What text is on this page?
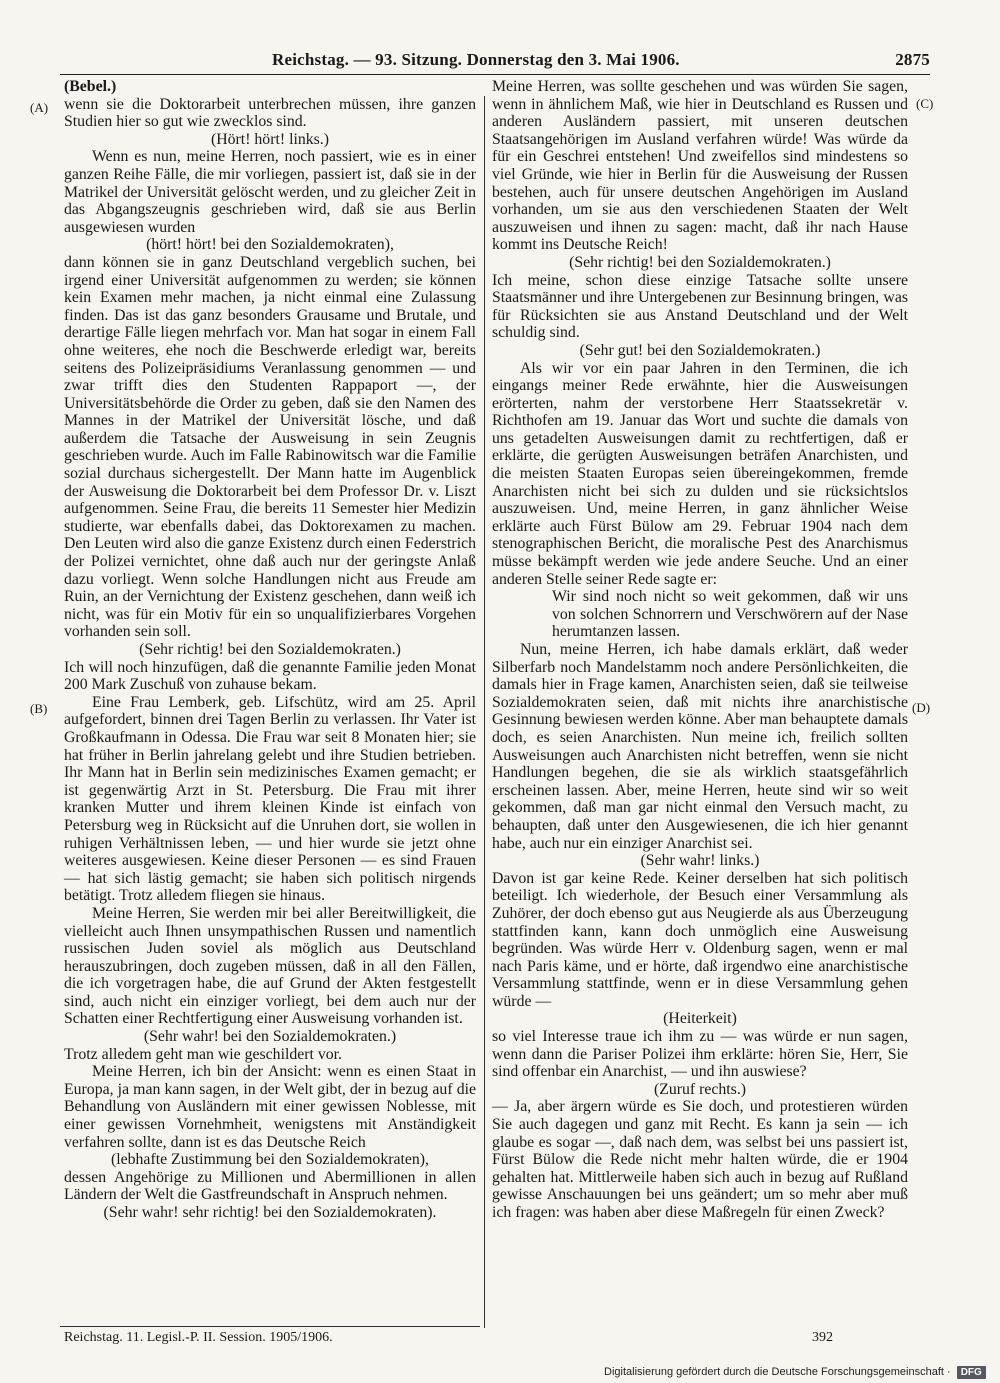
Reichstag. — 93. Sitzung. Donnerstag den 3. Mai 1906.	2875
(A)
(B)
(C)
(D)

(Bebel.)

wenn sie die Doktorarbeit unterbrechen müssen, ihre ganzen Studien hier so gut wie zwecklos sind.

(Hört! hört! links.)

Wenn es nun, meine Herren, noch passiert, wie es in einer ganzen Reihe Fälle, die mir vorliegen, passiert ist, daß sie in der Matrikel der Universität gelöscht werden, und zu gleicher Zeit in das Abgangszeugnis geschrieben wird, daß sie aus Berlin ausgewiesen wurden

(hört! hört! bei den Sozialdemokraten),

dann können sie in ganz Deutschland vergeblich suchen, bei irgend einer Universität aufgenommen zu werden; sie können kein Examen mehr machen, ja nicht einmal eine Zulassung finden. Das ist das ganz besonders Grausame und Brutale, und derartige Fälle liegen mehrfach vor. Man hat sogar in einem Fall ohne weiteres, ehe noch die Beschwerde erledigt war, bereits seitens des Polizeipräsidiums Veranlassung genommen — und zwar trifft dies den Studenten Rappaport —, der Universitätsbehörde die Order zu geben, daß sie den Namen des Mannes in der Matrikel der Universität lösche, und daß außerdem die Tatsache der Ausweisung in sein Zeugnis geschrieben wurde. Auch im Falle Rabinowitsch war die Familie sozial durchaus sichergestellt. Der Mann hatte im Augenblick der Ausweisung die Doktorarbeit bei dem Professor Dr. v. Liszt aufgenommen. Seine Frau, die bereits 11 Semester hier Medizin studierte, war ebenfalls dabei, das Doktorexamen zu machen. Den Leuten wird also die ganze Existenz durch einen Federstrich der Polizei vernichtet, ohne daß auch nur der geringste Anlaß dazu vorliegt. Wenn solche Handlungen nicht aus Freude am Ruin, an der Vernichtung der Existenz geschehen, dann weiß ich nicht, was für ein Motiv für ein so unqualifizierbares Vorgehen vorhanden sein soll.

(Sehr richtig! bei den Sozialdemokraten.)

Ich will noch hinzufügen, daß die genannte Familie jeden Monat 200 Mark Zuschuß von zuhause bekam.

Eine Frau Lemberk, geb. Lifschütz, wird am 25. April aufgefordert, binnen drei Tagen Berlin zu verlassen. Ihr Vater ist Großkaufmann in Odessa. Die Frau war seit 8 Monaten hier; sie hat früher in Berlin jahrelang gelebt und ihre Studien betrieben. Ihr Mann hat in Berlin sein medizinisches Examen gemacht; er ist gegenwärtig Arzt in St. Petersburg. Die Frau mit ihrer kranken Mutter und ihrem kleinen Kinde ist einfach von Petersburg weg in Rücksicht auf die Unruhen dort, sie wollen in ruhigen Verhältnissen leben, — und hier wurde sie jetzt ohne weiteres ausgewiesen. Keine dieser Personen — es sind Frauen — hat sich lästig gemacht; sie haben sich politisch nirgends betätigt. Trotz alledem fliegen sie hinaus.

Meine Herren, Sie werden mir bei aller Bereitwilligkeit, die vielleicht auch Ihnen unsympathischen Russen und namentlich russischen Juden soviel als möglich aus Deutschland herauszubringen, doch zugeben müssen, daß in all den Fällen, die ich vorgetragen habe, die auf Grund der Akten festgestellt sind, auch nicht ein einziger vorliegt, bei dem auch nur der Schatten einer Rechtfertigung einer Ausweisung vorhanden ist.

(Sehr wahr! bei den Sozialdemokraten.)

Trotz alledem geht man wie geschildert vor.

Meine Herren, ich bin der Ansicht: wenn es einen Staat in Europa, ja man kann sagen, in der Welt gibt, der in bezug auf die Behandlung von Ausländern mit einer gewissen Noblesse, mit einer gewissen Vornehmheit, wenigstens mit Anständigkeit verfahren sollte, dann ist es das Deutsche Reich

(lebhafte Zustimmung bei den Sozialdemokraten),

dessen Angehörige zu Millionen und Abermillionen in allen Ländern der Welt die Gastfreundschaft in Anspruch nehmen.

(Sehr wahr! sehr richtig! bei den Sozialdemokraten).

Meine Herren, was sollte geschehen und was würden Sie sagen, wenn in ähnlichem Maß, wie hier in Deutschland es Russen und anderen Ausländern passiert, mit unseren deutschen Staatsangehörigen im Ausland verfahren würde! Was würde da für ein Geschrei entstehen! Und zweifellos sind mindestens so viel Gründe, wie hier in Berlin für die Ausweisung der Russen bestehen, auch für unsere deutschen Angehörigen im Ausland vorhanden, um sie aus den verschiedenen Staaten der Welt auszuweisen und ihnen zu sagen: macht, daß ihr nach Hause kommt ins Deutsche Reich!

(Sehr richtig! bei den Sozialdemokraten.)

Ich meine, schon diese einzige Tatsache sollte unsere Staatsmänner und ihre Untergebenen zur Besinnung bringen, was für Rücksichten sie aus Anstand Deutschland und der Welt schuldig sind.

(Sehr gut! bei den Sozialdemokraten.)

Als wir vor ein paar Jahren in den Terminen, die ich eingangs meiner Rede erwähnte, hier die Ausweisungen erörterten, nahm der verstorbene Herr Staatssekretär v. Richthofen am 19. Januar das Wort und suchte die damals von uns getadelten Ausweisungen damit zu rechtfertigen, daß er erklärte, die gerügten Ausweisungen beträfen Anarchisten, und die meisten Staaten Europas seien übereingekommen, fremde Anarchisten nicht bei sich zu dulden und sie rücksichtslos auszuweisen. Und, meine Herren, in ganz ähnlicher Weise erklärte auch Fürst Bülow am 29. Februar 1904 nach dem stenographischen Bericht, die moralische Pest des Anarchismus müsse bekämpft werden wie jede andere Seuche. Und an einer anderen Stelle seiner Rede sagte er:

Wir sind noch nicht so weit gekommen, daß wir uns von solchen Schnorrern und Verschwörern auf der Nase herumtanzen lassen.

Nun, meine Herren, ich habe damals erklärt, daß weder Silberfarb noch Mandelstamm noch andere Persönlichkeiten, die damals hier in Frage kamen, Anarchisten seien, daß sie teilweise Sozialdemokraten seien, daß mit nichts ihre anarchistische Gesinnung bewiesen werden könne. Aber man behauptete damals doch, es seien Anarchisten. Nun meine ich, freilich sollten Ausweisungen auch Anarchisten nicht betreffen, wenn sie nicht Handlungen begehen, die sie als wirklich staatsgefährlich erscheinen lassen. Aber, meine Herren, heute sind wir so weit gekommen, daß man gar nicht einmal den Versuch macht, zu behaupten, daß unter den Ausgewiesenen, die ich hier genannt habe, auch nur ein einziger Anarchist sei.

(Sehr wahr! links.)

Davon ist gar keine Rede. Keiner derselben hat sich politisch beteiligt. Ich wiederhole, der Besuch einer Versammlung als Zuhörer, der doch ebenso gut aus Neugierde als aus Überzeugung stattfinden kann, kann doch unmöglich eine Ausweisung begründen. Was würde Herr v. Oldenburg sagen, wenn er mal nach Paris käme, und er hörte, daß irgendwo eine anarchistische Versammlung stattfinde, wenn er in diese Versammlung gehen würde —

(Heiterkeit)

so viel Interesse traue ich ihm zu — was würde er nun sagen, wenn dann die Pariser Polizei ihm erklärte: hören Sie, Herr, Sie sind offenbar ein Anarchist, — und ihn auswiese?

(Zuruf rechts.)

— Ja, aber ärgern würde es Sie doch, und protestieren würden Sie auch dagegen und ganz mit Recht. Es kann ja sein — ich glaube es sogar —, daß nach dem, was selbst bei uns passiert ist, Fürst Bülow die Rede nicht mehr halten würde, die er 1904 gehalten hat. Mittlerweile haben sich auch in bezug auf Rußland gewisse Anschauungen bei uns geändert; um so mehr aber muß ich fragen: was haben aber diese Maßregeln für einen Zweck?

Reichstag. 11. Legisl.-P. II. Session. 1905/1906.	392
Digitalisierung gefördert durch die Deutsche Forschungsgemeinschaft ·	DFG
